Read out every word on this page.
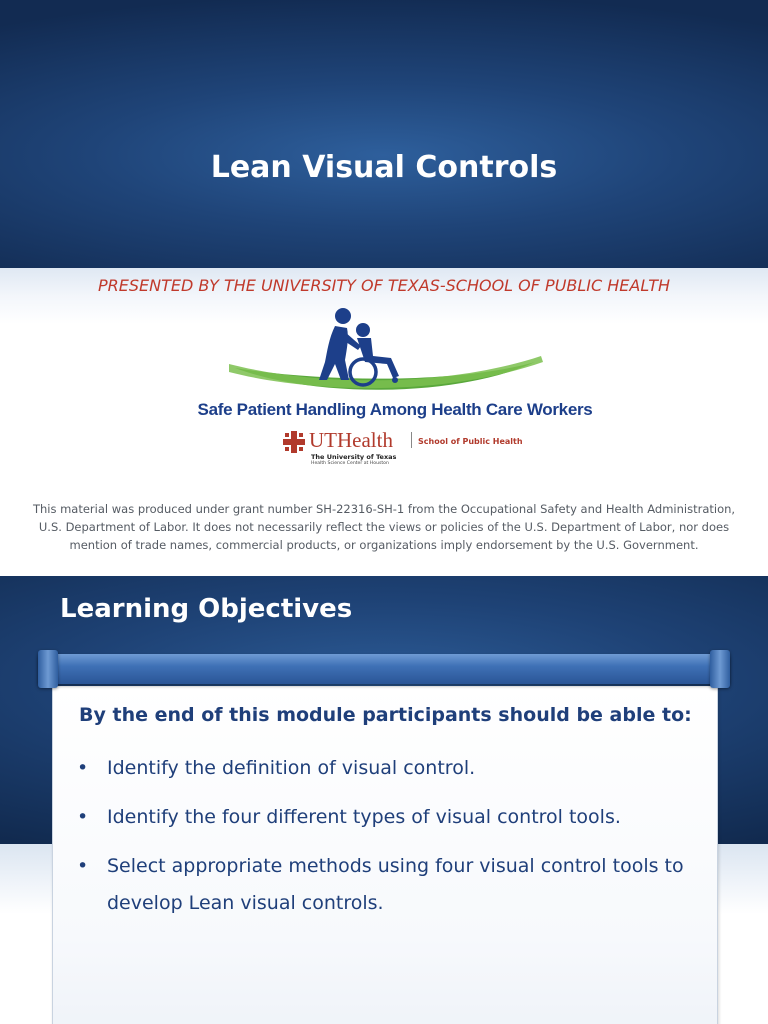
Lean Visual Controls
PRESENTED BY THE UNIVERSITY OF TEXAS-SCHOOL OF PUBLIC HEALTH
CDC
Safe Patient Handling Among Health Care Workers
UTHealth
The University of Texas
Health Science Center at Houston
School of Public Health
This material was produced under grant number SH-22316-SH-1 from the Occupational Safety and Health Administration, U.S. Department of Labor. It does not necessarily reflect the views or policies of the U.S. Department of Labor, nor does mention of trade names, commercial products, or organizations imply endorsement by the U.S. Government.
Learning Objectives
By the end of this module participants should be able to:
• Identify the definition of visual control.
• Identify the four different types of visual control tools.
• Select appropriate methods using four visual control tools to develop Lean visual controls.
